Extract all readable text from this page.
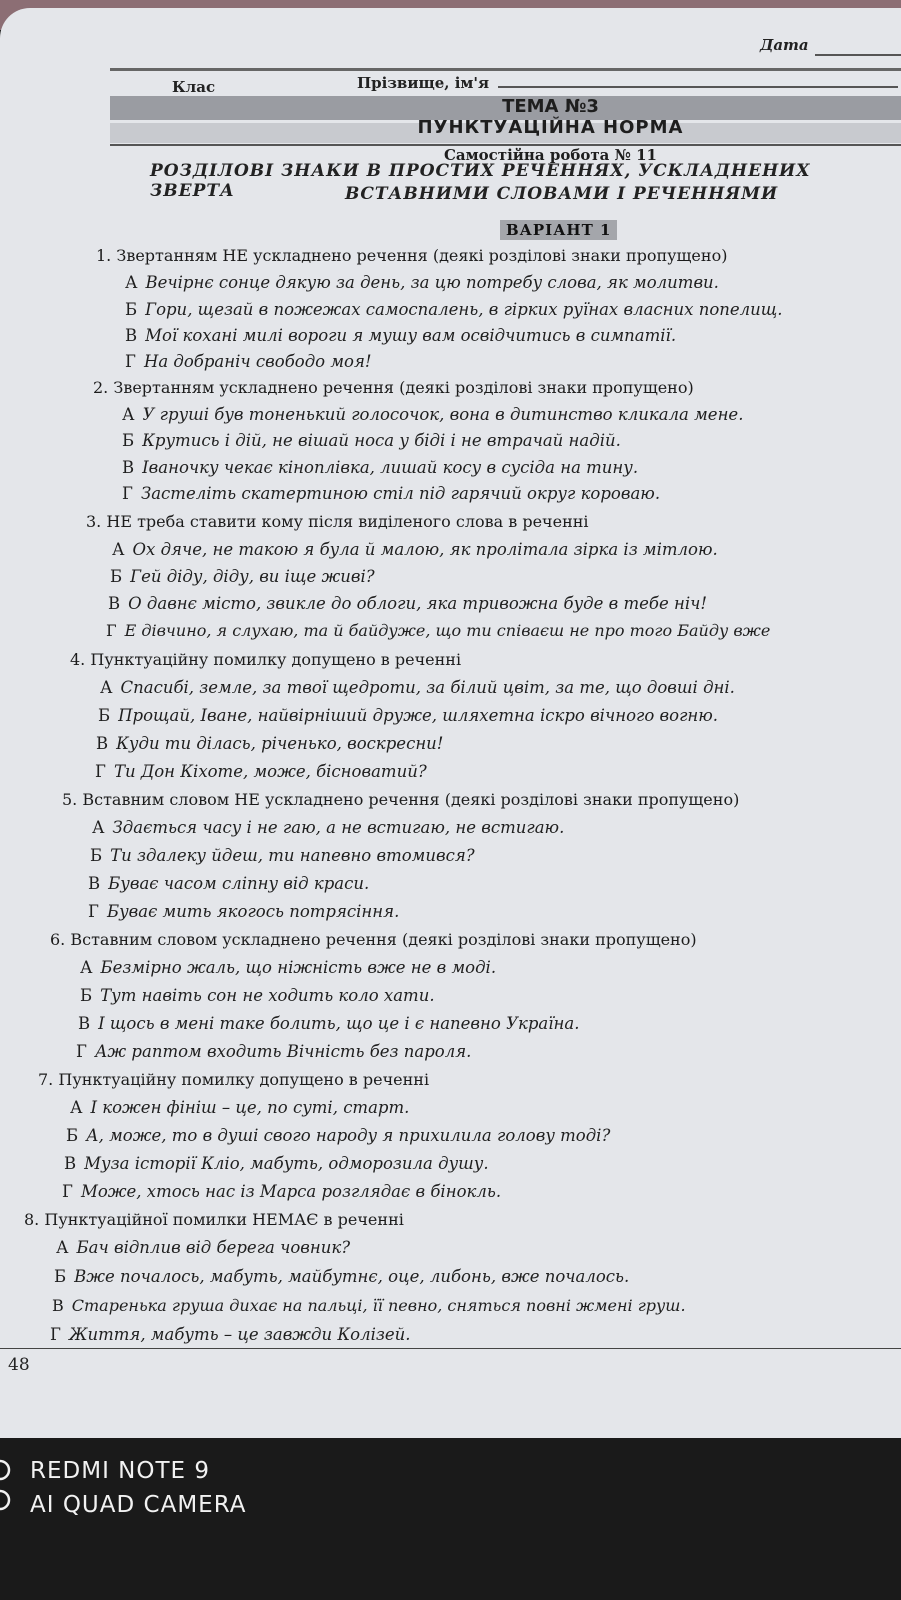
Дата
Клас	Прізвище, ім'я
ТЕМА №3
ПУНКТУАЦІЙНА НОРМА
Самостійна робота № 11
РОЗДІЛОВІ ЗНАКИ В ПРОСТИХ РЕЧЕННЯХ, УСКЛАДНЕНИХ ЗВЕРТА	ВСТАВНИМИ СЛОВАМИ І РЕЧЕННЯМИ
ВАРІАНТ 1
1. Звертанням НЕ ускладнено речення (деякі розділові знаки пропущено)
А Вечірнє сонце дякую за день, за цю потребу слова, як молитви.
Б Гори, щезай в пожежах самоспалень, в гірких руїнах власних попелищ.
В Мої кохані милі вороги я мушу вам освідчитись в симпатії.
Г На добраніч свободо моя!
2. Звертанням ускладнено речення (деякі розділові знаки пропущено)
А У груші був тоненький голосочок, вона в дитинство кликала мене.
Б Крутись і дій, не вішай носа у біді і не втрачай надій.
В Іваночку чекає кіноплівка, лишай косу в сусіда на тину.
Г Застеліть скатертиною стіл під гарячий округ короваю.
3. НЕ треба ставити кому після виділеного слова в реченні
А Ох дяче, не такою я була й малою, як пролітала зірка із мітлою.
Б Гей діду, діду, ви іще живі?
В О давнє місто, звикле до облоги, яка тривожна буде в тебе ніч!
Г Е дівчино, я слухаю, та й байдуже, що ти співаєш не про того Байду вже
4. Пунктуаційну помилку допущено в реченні
А Спасибі, земле, за твої щедроти, за білий цвіт, за те, що довші дні.
Б Прощай, Іване, найвірніший друже, шляхетна іскро вічного вогню.
В Куди ти ділась, річенько, воскресни!
Г Ти Дон Кіхоте, може, бісноватий?
5. Вставним словом НЕ ускладнено речення (деякі розділові знаки пропущено)
А Здається часу і не гаю, а не встигаю, не встигаю.
Б Ти здалеку йдеш, ти напевно втомився?
В Буває часом сліпну від краси.
Г Буває мить якогось потрясіння.
6. Вставним словом ускладнено речення (деякі розділові знаки пропущено)
А Безмірно жаль, що ніжність вже не в моді.
Б Тут навіть сон не ходить коло хати.
В І щось в мені таке болить, що це і є напевно Україна.
Г Аж раптом входить Вічність без пароля.
7. Пунктуаційну помилку допущено в реченні
А І кожен фініш – це, по суті, старт.
Б А, може, то в душі свого народу я прихилила голову тоді?
В Муза історії Кліо, мабуть, одморозила душу.
Г Може, хтось нас із Марса розглядає в бінокль.
8. Пунктуаційної помилки НЕМАЄ в реченні
А Бач відплив від берега човник?
Б Вже почалось, мабуть, майбутнє, оце, либонь, вже почалось.
В Старенька груша дихає на пальці, її певно, сняться повні жмені груш.
Г Життя, мабуть – це завжди Колізей.
48
REDMI NOTE 9
AI QUAD CAMERA
